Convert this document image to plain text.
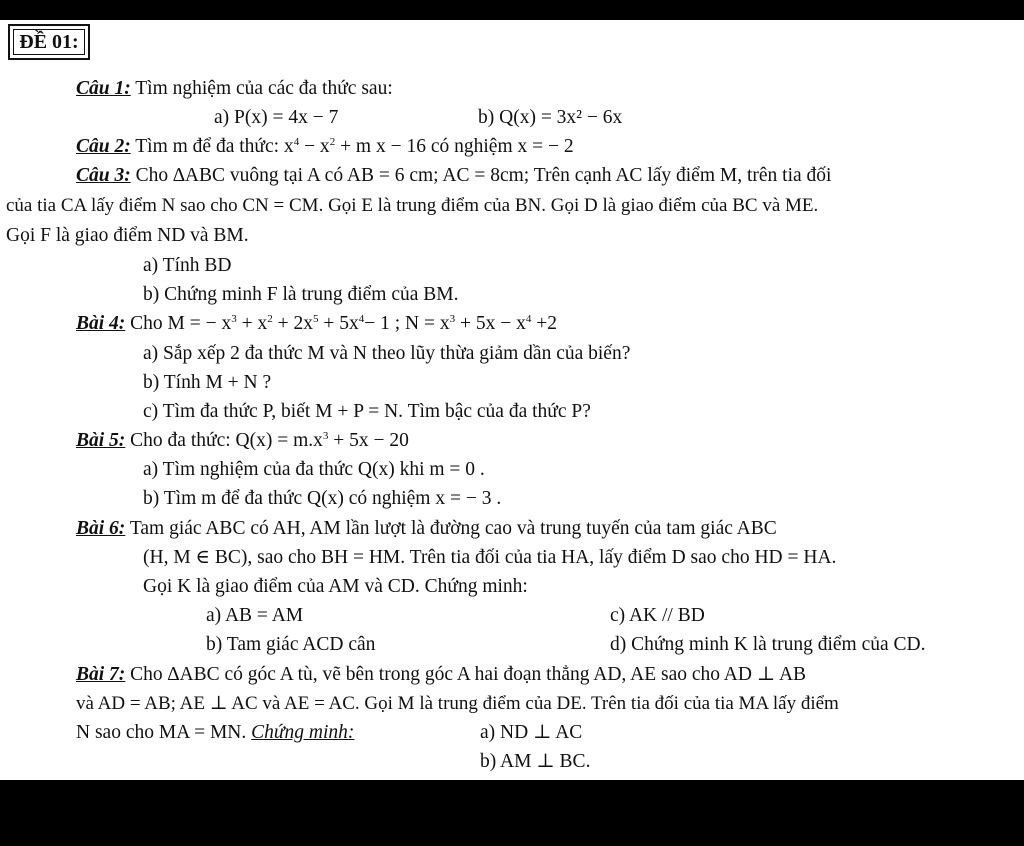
ĐỀ 01:
Câu 1: Tìm nghiệm của các đa thức sau:
a) P(x) = 4x − 7	b) Q(x) = 3x² − 6x
Câu 2: Tìm m để đa thức: $x^4 - x^2 + m$ x − 16 có nghiệm x = − 2
Câu 3: Cho ∆ABC vuông tại A có AB = 6 cm; AC = 8cm; Trên cạnh AC lấy điểm M, trên tia đối
của tia CA lấy điểm N sao cho CN = CM. Gọi E là trung điểm của BN. Gọi D là giao điểm của BC và ME.
Gọi F là giao điểm ND và BM.
a) Tính BD
b) Chứng minh F là trung điểm của BM.
Bài 4: Cho M = − $x^3 + x^2 + 2x^5 + 5x^4- 1$ ; $N = x^3 + 5x - x^4 +2$
a) Sắp xếp 2 đa thức M và N theo lũy thừa giảm dần của biến?
b) Tính M + N ?
c) Tìm đa thức P, biết M + P = N. Tìm bậc của đa thức P?
Bài 5: Cho đa thức: $Q(x) = m.x^3 + 5x - 20$
a) Tìm nghiệm của đa thức Q(x) khi m = 0 .
b) Tìm m để đa thức Q(x) có nghiệm x = − 3 .
Bài 6: Tam giác ABC có AH, AM lần lượt là đường cao và trung tuyến của tam giác ABC
(H, M ∈ BC), sao cho BH = HM. Trên tia đối của tia HA, lấy điểm D sao cho HD = HA.
Gọi K là giao điểm của AM và CD. Chứng minh:
a) AB = AM	c) AK // BD
b) Tam giác ACD cân	d) Chứng minh K là trung điểm của CD.
Bài 7: Cho ∆ABC có góc A tù, vẽ bên trong góc A hai đoạn thẳng AD, AE sao cho AD ⊥ AB
và AD = AB; AE ⊥ AC và AE = AC. Gọi M là trung điểm của DE. Trên tia đối của tia MA lấy điểm
N sao cho MA = MN. Chứng minh:	a) ND ⊥ AC
b) AM ⊥ BC.
